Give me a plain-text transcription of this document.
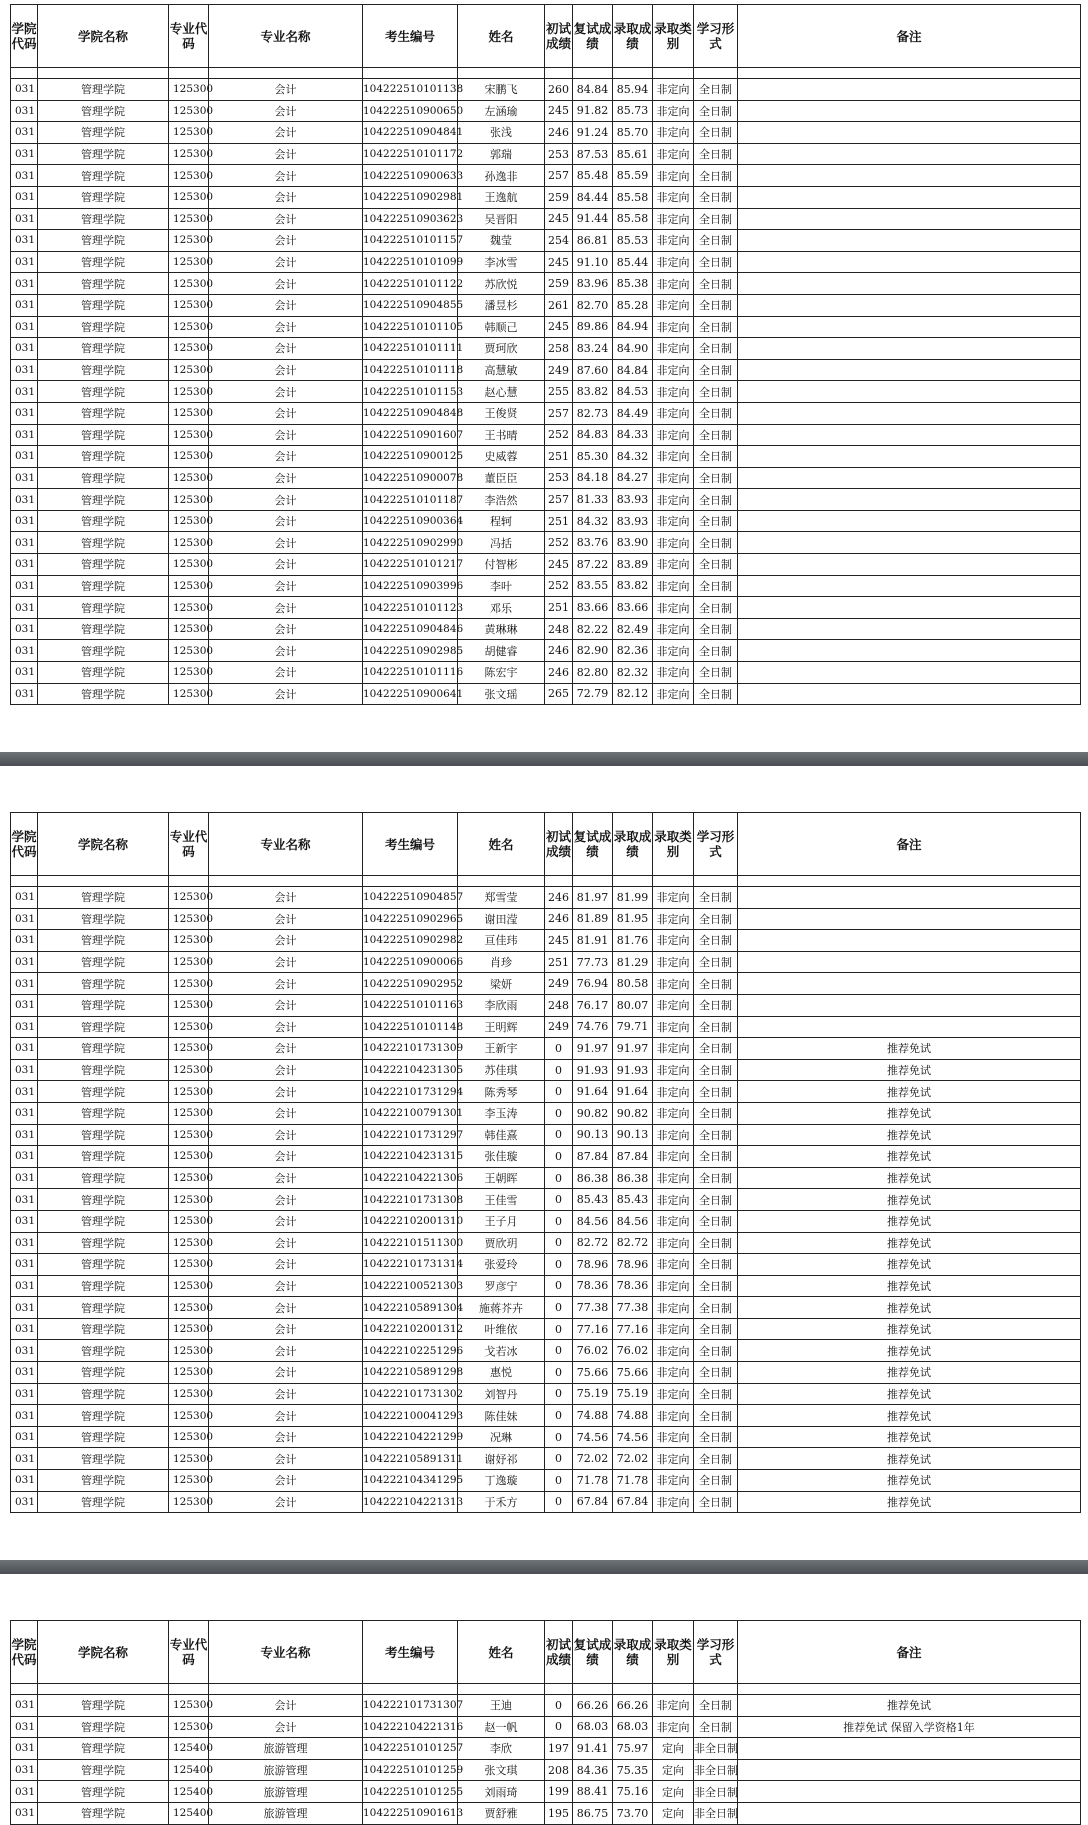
学院代码	学院名称	专业代码	专业名称	考生编号	姓名	初试成绩	复试成绩	录取成绩	录取类别	学习形式	备注

031	管理学院	125300	会计	104222510101138	宋鹏飞	260	84.84	85.94	非定向	全日制	
031	管理学院	125300	会计	104222510900650	左涵瑜	245	91.82	85.73	非定向	全日制	
031	管理学院	125300	会计	104222510904841	张浅	246	91.24	85.70	非定向	全日制	
031	管理学院	125300	会计	104222510101172	郭瑞	253	87.53	85.61	非定向	全日制	
031	管理学院	125300	会计	104222510900633	孙逸非	257	85.48	85.59	非定向	全日制	
031	管理学院	125300	会计	104222510902981	王逸航	259	84.44	85.58	非定向	全日制	
031	管理学院	125300	会计	104222510903623	吴晋阳	245	91.44	85.58	非定向	全日制	
031	管理学院	125300	会计	104222510101157	魏莹	254	86.81	85.53	非定向	全日制	
031	管理学院	125300	会计	104222510101099	李冰雪	245	91.10	85.44	非定向	全日制	
031	管理学院	125300	会计	104222510101122	苏欣悦	259	83.96	85.38	非定向	全日制	
031	管理学院	125300	会计	104222510904855	潘昱杉	261	82.70	85.28	非定向	全日制	
031	管理学院	125300	会计	104222510101105	韩顺己	245	89.86	84.94	非定向	全日制	
031	管理学院	125300	会计	104222510101111	贾珂欣	258	83.24	84.90	非定向	全日制	
031	管理学院	125300	会计	104222510101118	高慧敏	249	87.60	84.84	非定向	全日制	
031	管理学院	125300	会计	104222510101153	赵心慧	255	83.82	84.53	非定向	全日制	
031	管理学院	125300	会计	104222510904848	王俊贤	257	82.73	84.49	非定向	全日制	
031	管理学院	125300	会计	104222510901607	王书晴	252	84.83	84.33	非定向	全日制	
031	管理学院	125300	会计	104222510900125	史威蓉	251	85.30	84.32	非定向	全日制	
031	管理学院	125300	会计	104222510900078	董臣臣	253	84.18	84.27	非定向	全日制	
031	管理学院	125300	会计	104222510101187	李浩然	257	81.33	83.93	非定向	全日制	
031	管理学院	125300	会计	104222510900364	程轲	251	84.32	83.93	非定向	全日制	
031	管理学院	125300	会计	104222510902990	冯括	252	83.76	83.90	非定向	全日制	
031	管理学院	125300	会计	104222510101217	付智彬	245	87.22	83.89	非定向	全日制	
031	管理学院	125300	会计	104222510903996	李叶	252	83.55	83.82	非定向	全日制	
031	管理学院	125300	会计	104222510101123	邓乐	251	83.66	83.66	非定向	全日制	
031	管理学院	125300	会计	104222510904846	黄琳琳	248	82.22	82.49	非定向	全日制	
031	管理学院	125300	会计	104222510902985	胡健睿	246	82.90	82.36	非定向	全日制	
031	管理学院	125300	会计	104222510101116	陈宏宇	246	82.80	82.32	非定向	全日制	
031	管理学院	125300	会计	104222510900641	张文瑶	265	72.79	82.12	非定向	全日制	
学院代码	学院名称	专业代码	专业名称	考生编号	姓名	初试成绩	复试成绩	录取成绩	录取类别	学习形式	备注

031	管理学院	125300	会计	104222510904857	郑雪莹	246	81.97	81.99	非定向	全日制	
031	管理学院	125300	会计	104222510902965	谢田滢	246	81.89	81.95	非定向	全日制	
031	管理学院	125300	会计	104222510902982	亘佳玮	245	81.91	81.76	非定向	全日制	
031	管理学院	125300	会计	104222510900066	肖珍	251	77.73	81.29	非定向	全日制	
031	管理学院	125300	会计	104222510902952	梁妍	249	76.94	80.58	非定向	全日制	
031	管理学院	125300	会计	104222510101163	李欣雨	248	76.17	80.07	非定向	全日制	
031	管理学院	125300	会计	104222510101148	王明辉	249	74.76	79.71	非定向	全日制	
031	管理学院	125300	会计	104222101731309	王新宇	0	91.97	91.97	非定向	全日制	推荐免试
031	管理学院	125300	会计	104222104231305	苏佳琪	0	91.93	91.93	非定向	全日制	推荐免试
031	管理学院	125300	会计	104222101731294	陈秀琴	0	91.64	91.64	非定向	全日制	推荐免试
031	管理学院	125300	会计	104222100791301	李玉涛	0	90.82	90.82	非定向	全日制	推荐免试
031	管理学院	125300	会计	104222101731297	韩佳熹	0	90.13	90.13	非定向	全日制	推荐免试
031	管理学院	125300	会计	104222104231315	张佳璇	0	87.84	87.84	非定向	全日制	推荐免试
031	管理学院	125300	会计	104222104221306	王朝晖	0	86.38	86.38	非定向	全日制	推荐免试
031	管理学院	125300	会计	104222101731308	王佳雪	0	85.43	85.43	非定向	全日制	推荐免试
031	管理学院	125300	会计	104222102001310	王子月	0	84.56	84.56	非定向	全日制	推荐免试
031	管理学院	125300	会计	104222101511300	贾欣玥	0	82.72	82.72	非定向	全日制	推荐免试
031	管理学院	125300	会计	104222101731314	张爱玲	0	78.96	78.96	非定向	全日制	推荐免试
031	管理学院	125300	会计	104222100521303	罗彦宁	0	78.36	78.36	非定向	全日制	推荐免试
031	管理学院	125300	会计	104222105891304	施蒋芥卉	0	77.38	77.38	非定向	全日制	推荐免试
031	管理学院	125300	会计	104222102001312	叶维依	0	77.16	77.16	非定向	全日制	推荐免试
031	管理学院	125300	会计	104222102251296	戈若冰	0	76.02	76.02	非定向	全日制	推荐免试
031	管理学院	125300	会计	104222105891298	惠悦	0	75.66	75.66	非定向	全日制	推荐免试
031	管理学院	125300	会计	104222101731302	刘智丹	0	75.19	75.19	非定向	全日制	推荐免试
031	管理学院	125300	会计	104222100041293	陈佳妹	0	74.88	74.88	非定向	全日制	推荐免试
031	管理学院	125300	会计	104222104221299	况琳	0	74.56	74.56	非定向	全日制	推荐免试
031	管理学院	125300	会计	104222105891311	谢妤祁	0	72.02	72.02	非定向	全日制	推荐免试
031	管理学院	125300	会计	104222104341295	丁逸璇	0	71.78	71.78	非定向	全日制	推荐免试
031	管理学院	125300	会计	104222104221313	于禾方	0	67.84	67.84	非定向	全日制	推荐免试
学院代码	学院名称	专业代码	专业名称	考生编号	姓名	初试成绩	复试成绩	录取成绩	录取类别	学习形式	备注

031	管理学院	125300	会计	104222101731307	王迪	0	66.26	66.26	非定向	全日制	推荐免试
031	管理学院	125300	会计	104222104221316	赵一帆	0	68.03	68.03	非定向	全日制	推荐免试 保留入学资格1年
031	管理学院	125400	旅游管理	104222510101257	李欣	197	91.41	75.97	定向	非全日制	
031	管理学院	125400	旅游管理	104222510101259	张文琪	208	84.36	75.35	定向	非全日制	
031	管理学院	125400	旅游管理	104222510101255	刘雨琦	199	88.41	75.16	定向	非全日制	
031	管理学院	125400	旅游管理	104222510901613	贾舒雅	195	86.75	73.70	定向	非全日制	
